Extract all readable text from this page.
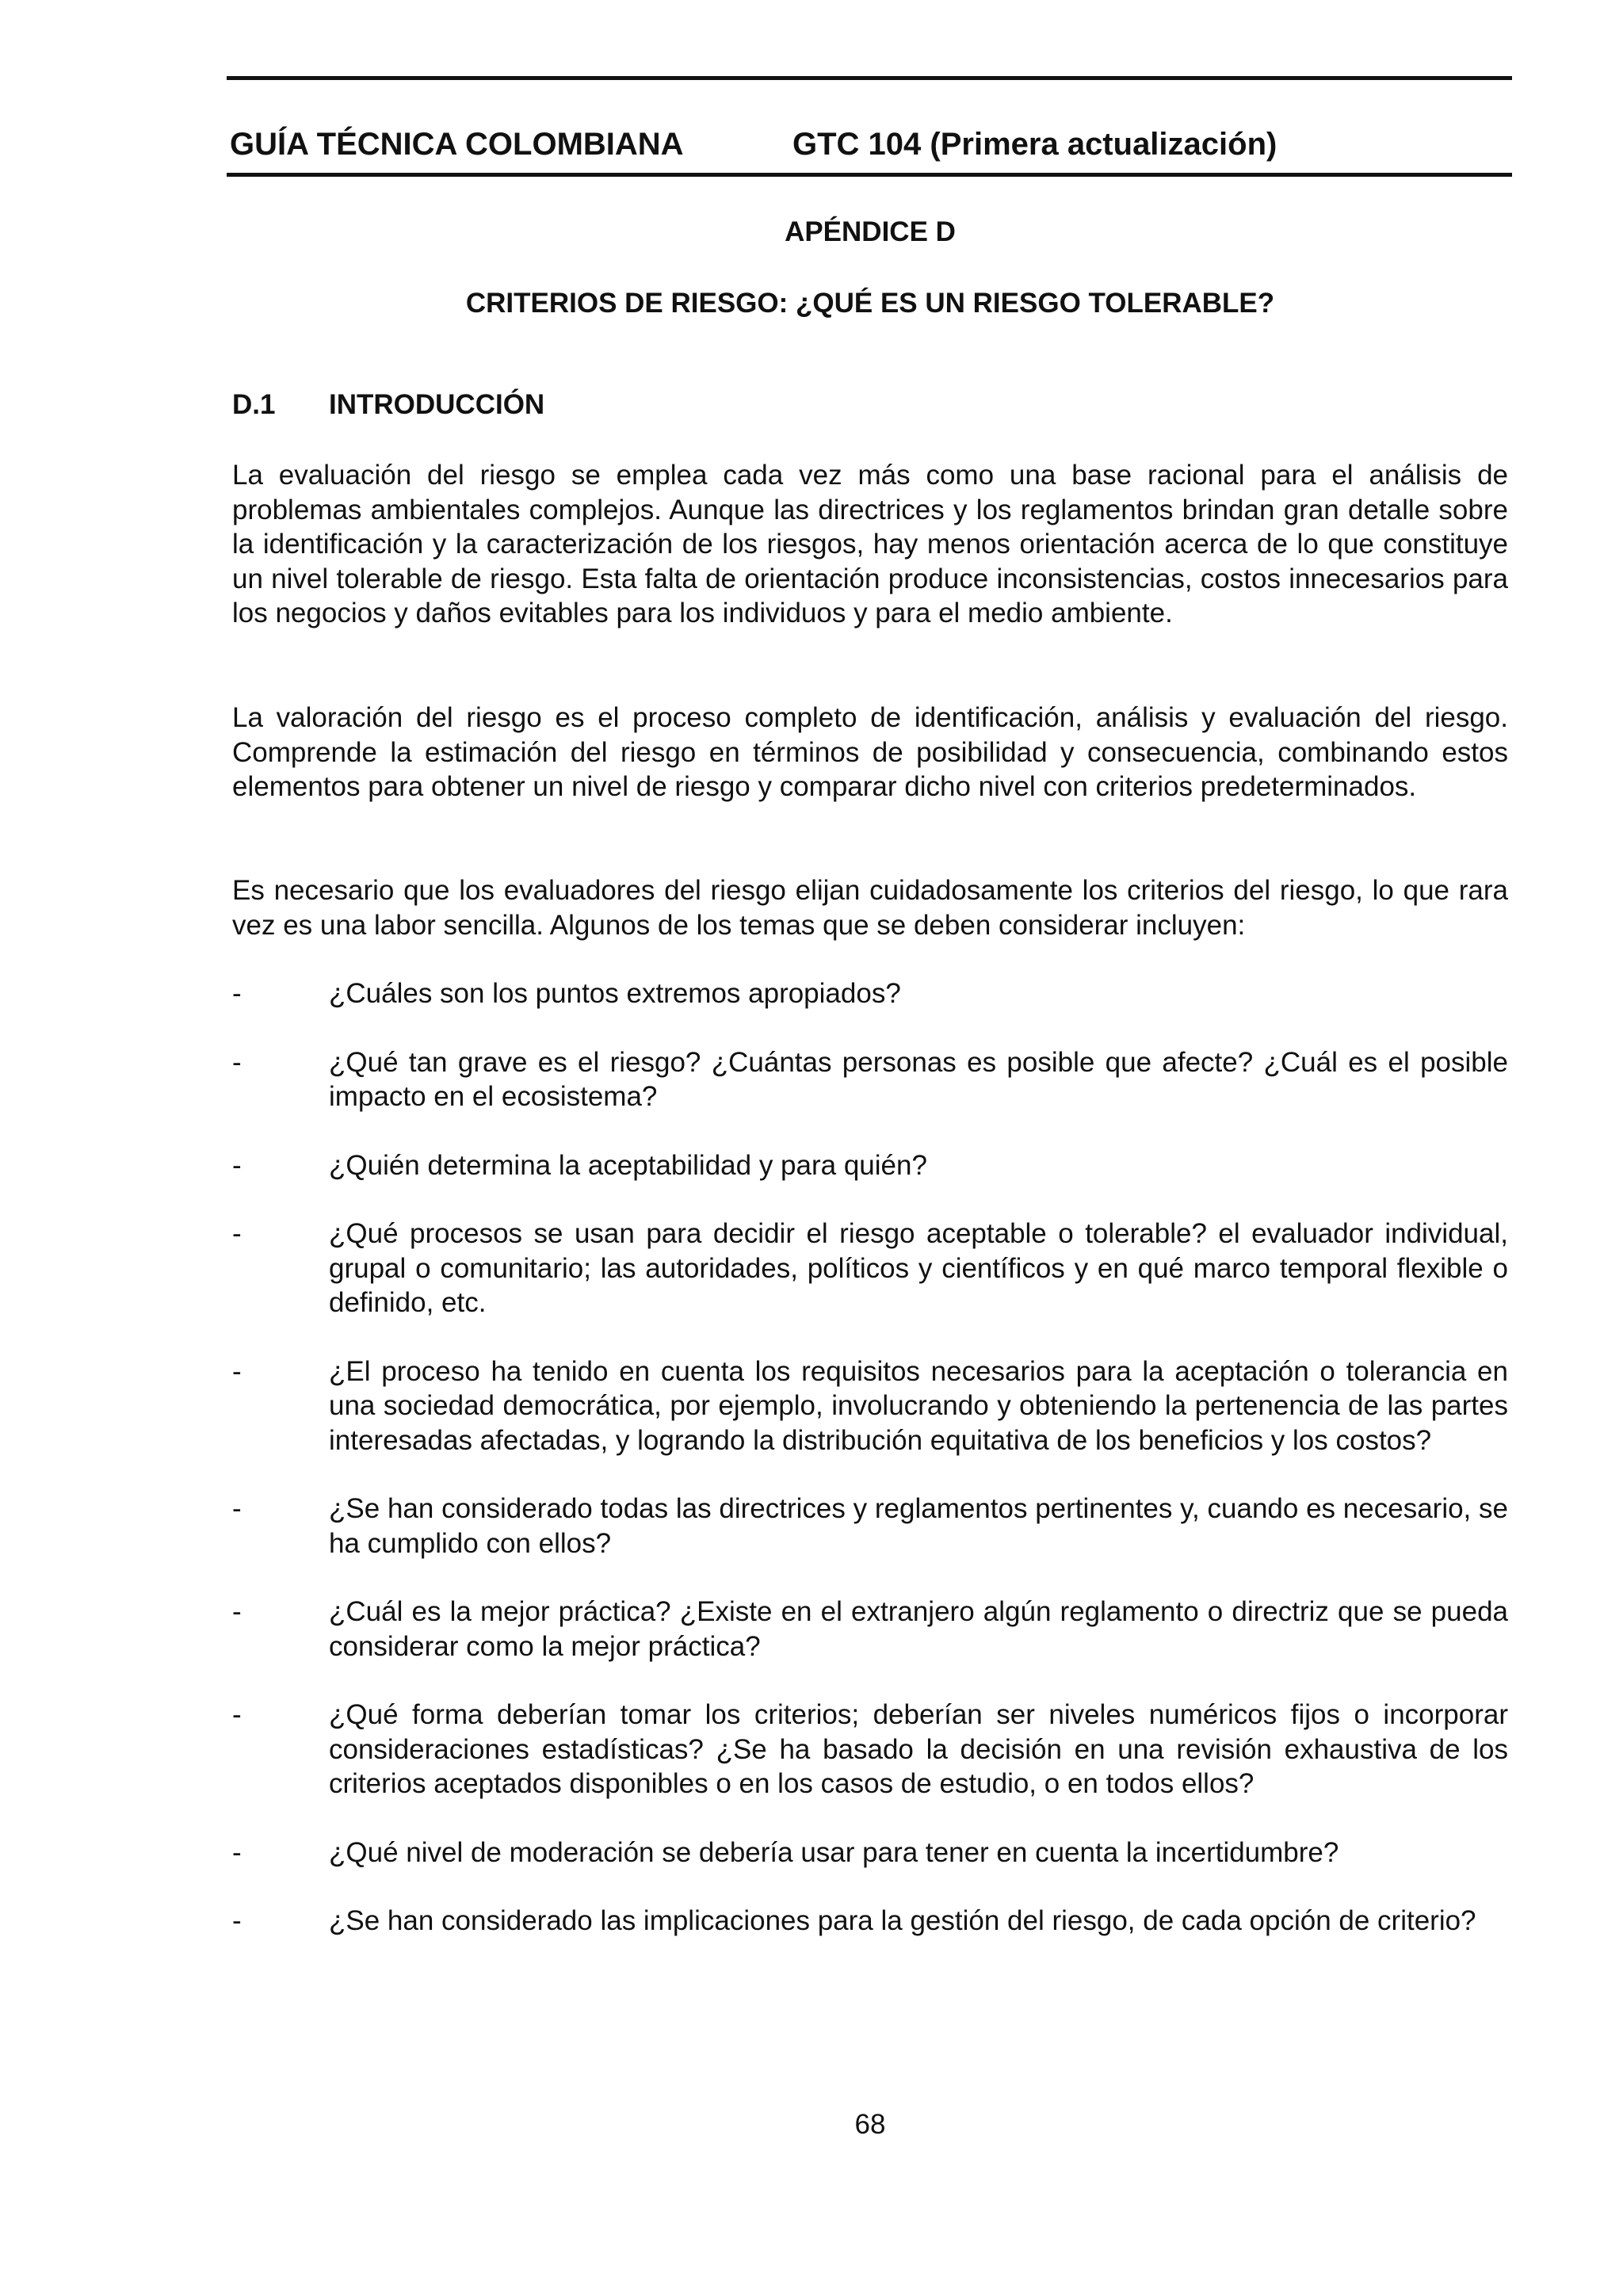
GUÍA TÉCNICA COLOMBIANA	GTC 104 (Primera actualización)
APÉNDICE D
CRITERIOS DE RIESGO: ¿QUÉ ES UN RIESGO TOLERABLE?
D.1 INTRODUCCIÓN

La evaluación del riesgo se emplea cada vez más como una base racional para el análisis de problemas ambientales complejos. Aunque las directrices y los reglamentos brindan gran detalle sobre la identificación y la caracterización de los riesgos, hay menos orientación acerca de lo que constituye un nivel tolerable de riesgo. Esta falta de orientación produce inconsistencias, costos innecesarios para los negocios y daños evitables para los individuos y para el medio ambiente.

La valoración del riesgo es el proceso completo de identificación, análisis y evaluación del riesgo. Comprende la estimación del riesgo en términos de posibilidad y consecuencia, combinando estos elementos para obtener un nivel de riesgo y comparar dicho nivel con criterios predeterminados.

Es necesario que los evaluadores del riesgo elijan cuidadosamente los criterios del riesgo, lo que rara vez es una labor sencilla. Algunos de los temas que se deben considerar incluyen:

-	¿Cuáles son los puntos extremos apropiados?
-	¿Qué tan grave es el riesgo? ¿Cuántas personas es posible que afecte? ¿Cuál es el posible impacto en el ecosistema?
-	¿Quién determina la aceptabilidad y para quién?
-	¿Qué procesos se usan para decidir el riesgo aceptable o tolerable? el evaluador individual, grupal o comunitario; las autoridades, políticos y científicos y en qué marco temporal flexible o definido, etc.
-	¿El proceso ha tenido en cuenta los requisitos necesarios para la aceptación o tolerancia en una sociedad democrática, por ejemplo, involucrando y obteniendo la pertenencia de las partes interesadas afectadas, y logrando la distribución equitativa de los beneficios y los costos?
-	¿Se han considerado todas las directrices y reglamentos pertinentes y, cuando es necesario, se ha cumplido con ellos?
-	¿Cuál es la mejor práctica? ¿Existe en el extranjero algún reglamento o directriz que se pueda considerar como la mejor práctica?
-	¿Qué forma deberían tomar los criterios; deberían ser niveles numéricos fijos o incorporar consideraciones estadísticas? ¿Se ha basado la decisión en una revisión exhaustiva de los criterios aceptados disponibles o en los casos de estudio, o en todos ellos?
-	¿Qué nivel de moderación se debería usar para tener en cuenta la incertidumbre?
-	¿Se han considerado las implicaciones para la gestión del riesgo, de cada opción de criterio?
68
